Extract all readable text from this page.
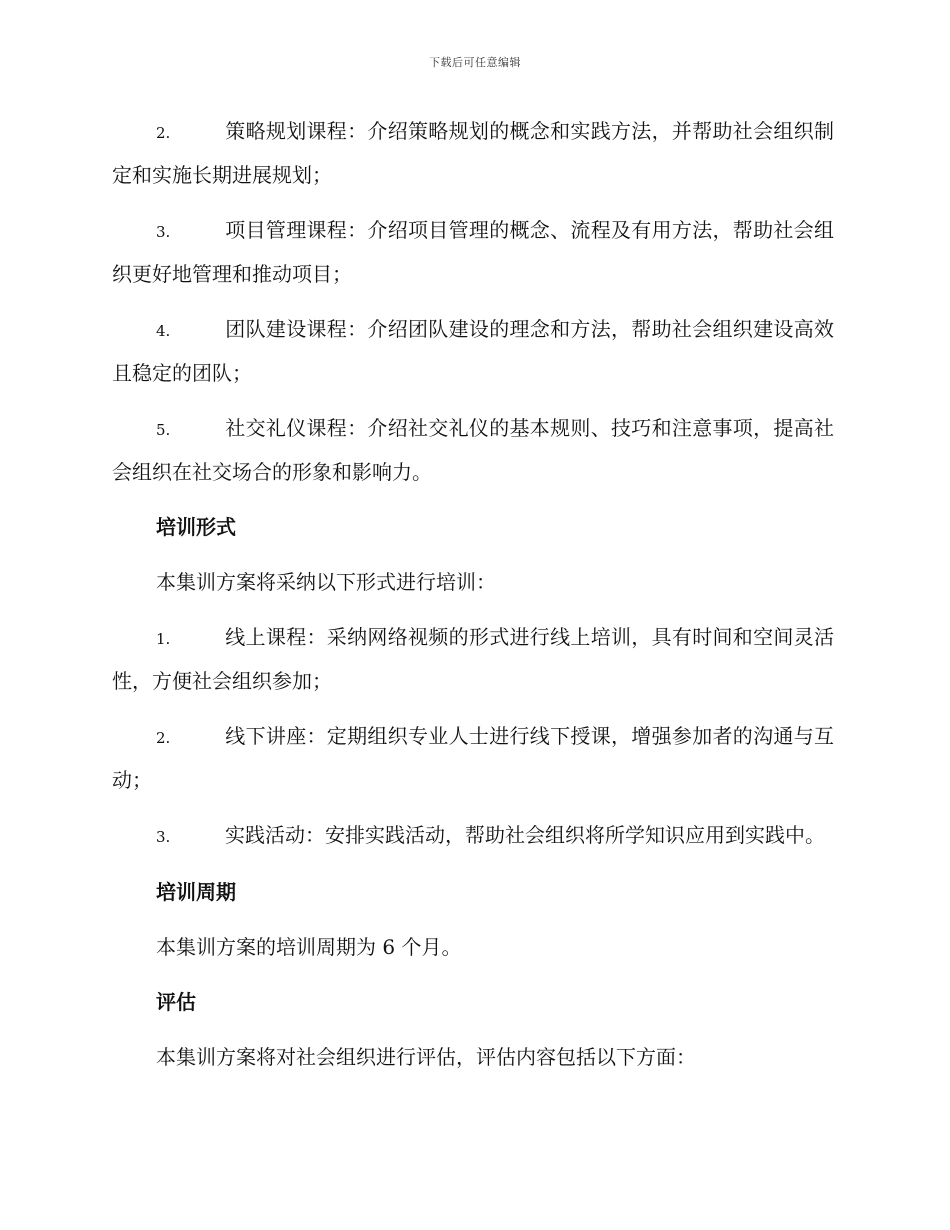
下载后可任意编辑

2.	策略规划课程：介绍策略规划的概念和实践方法，并帮助社会组织制定和实施长期进展规划；

3.	项目管理课程：介绍项目管理的概念、流程及有用方法，帮助社会组织更好地管理和推动项目；

4.	团队建设课程：介绍团队建设的理念和方法，帮助社会组织建设高效且稳定的团队；

5.	社交礼仪课程：介绍社交礼仪的基本规则、技巧和注意事项，提高社会组织在社交场合的形象和影响力。

培训形式

本集训方案将采纳以下形式进行培训：

1.	线上课程：采纳网络视频的形式进行线上培训，具有时间和空间灵活性，方便社会组织参加；

2.	线下讲座：定期组织专业人士进行线下授课，增强参加者的沟通与互动；

3.	实践活动：安排实践活动，帮助社会组织将所学知识应用到实践中。

培训周期

本集训方案的培训周期为 6 个月。

评估

本集训方案将对社会组织进行评估，评估内容包括以下方面：
